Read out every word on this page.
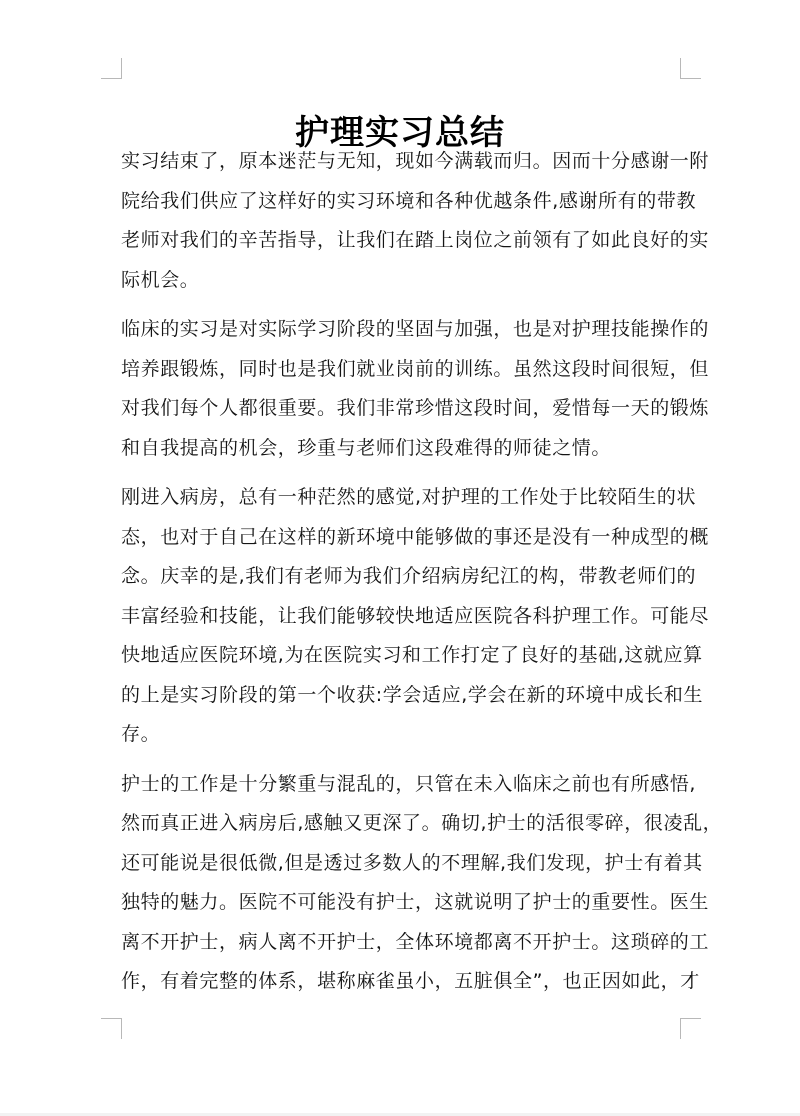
护理实习总结

实习结束了，原本迷茫与无知，现如今满载而归。因而十分感谢一附
院给我们供应了这样好的实习环境和各种优越条件,感谢所有的带教
老师对我们的辛苦指导，让我们在踏上岗位之前领有了如此良好的实
际机会。

临床的实习是对实际学习阶段的坚固与加强，也是对护理技能操作的
培养跟锻炼，同时也是我们就业岗前的训练。虽然这段时间很短，但
对我们每个人都很重要。我们非常珍惜这段时间，爱惜每一天的锻炼
和自我提高的机会，珍重与老师们这段难得的师徒之情。

刚进入病房，总有一种茫然的感觉,对护理的工作处于比较陌生的状
态，也对于自己在这样的新环境中能够做的事还是没有一种成型的概
念。庆幸的是,我们有老师为我们介绍病房纪江的构，带教老师们的
丰富经验和技能，让我们能够较快地适应医院各科护理工作。可能尽
快地适应医院环境,为在医院实习和工作打定了良好的基础,这就应算
的上是实习阶段的第一个收获:学会适应,学会在新的环境中成长和生
存。

护士的工作是十分繁重与混乱的，只管在未入临床之前也有所感悟,
然而真正进入病房后,感触又更深了。确切,护士的活很零碎，很凌乱，
还可能说是很低微,但是透过多数人的不理解,我们发现，护士有着其
独特的魅力。医院不可能没有护士，这就说明了护士的重要性。医生
离不开护士，病人离不开护士，全体环境都离不开护士。这琐碎的工
作，有着完整的体系，堪称麻雀虽小，五脏俱全”，也正因如此，才
